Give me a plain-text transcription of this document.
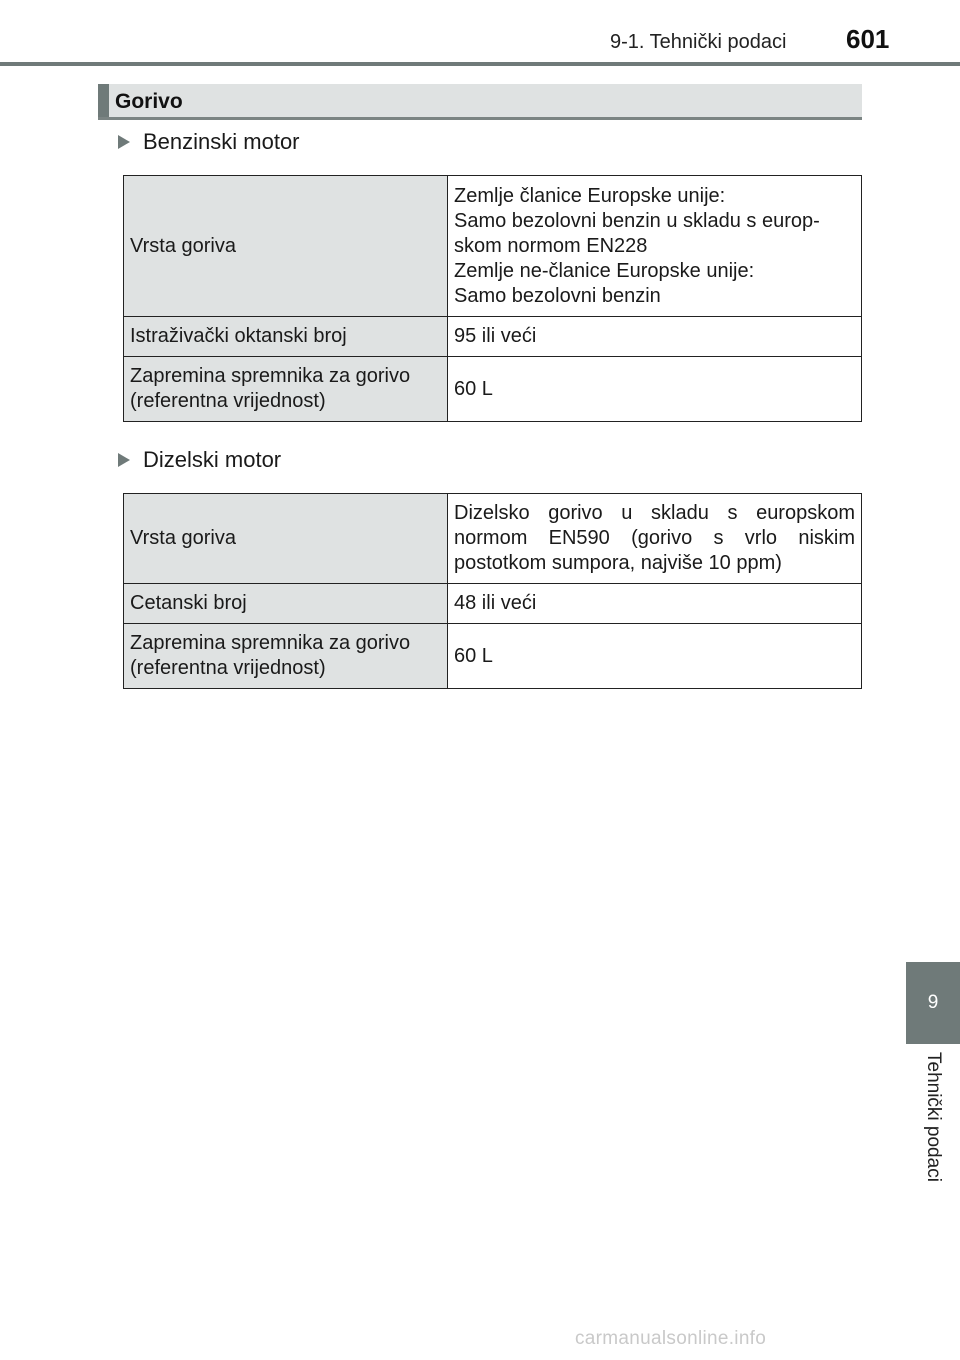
9-1. Tehnički podaci 601
Gorivo
Benzinski motor
Vrsta goriva	Zemlje članice Europske unije:
Samo bezolovni benzin u skladu s europ-
skom normom EN228
Zemlje ne-članice Europske unije:
Samo bezolovni benzin

Istraživački oktanski broj	95 ili veći

Zapremina spremnika za gorivo
(referentna vrijednost)	60 L
Dizelski motor
Vrsta goriva	Dizelsko gorivo u skladu s europskom
normom EN590 (gorivo s vrlo niskim
postotkom sumpora, najviše 10 ppm)

Cetanski broj	48 ili veći

Zapremina spremnika za gorivo
(referentna vrijednost)	60 L
9
Tehnički podaci
carmanualsonline.info
